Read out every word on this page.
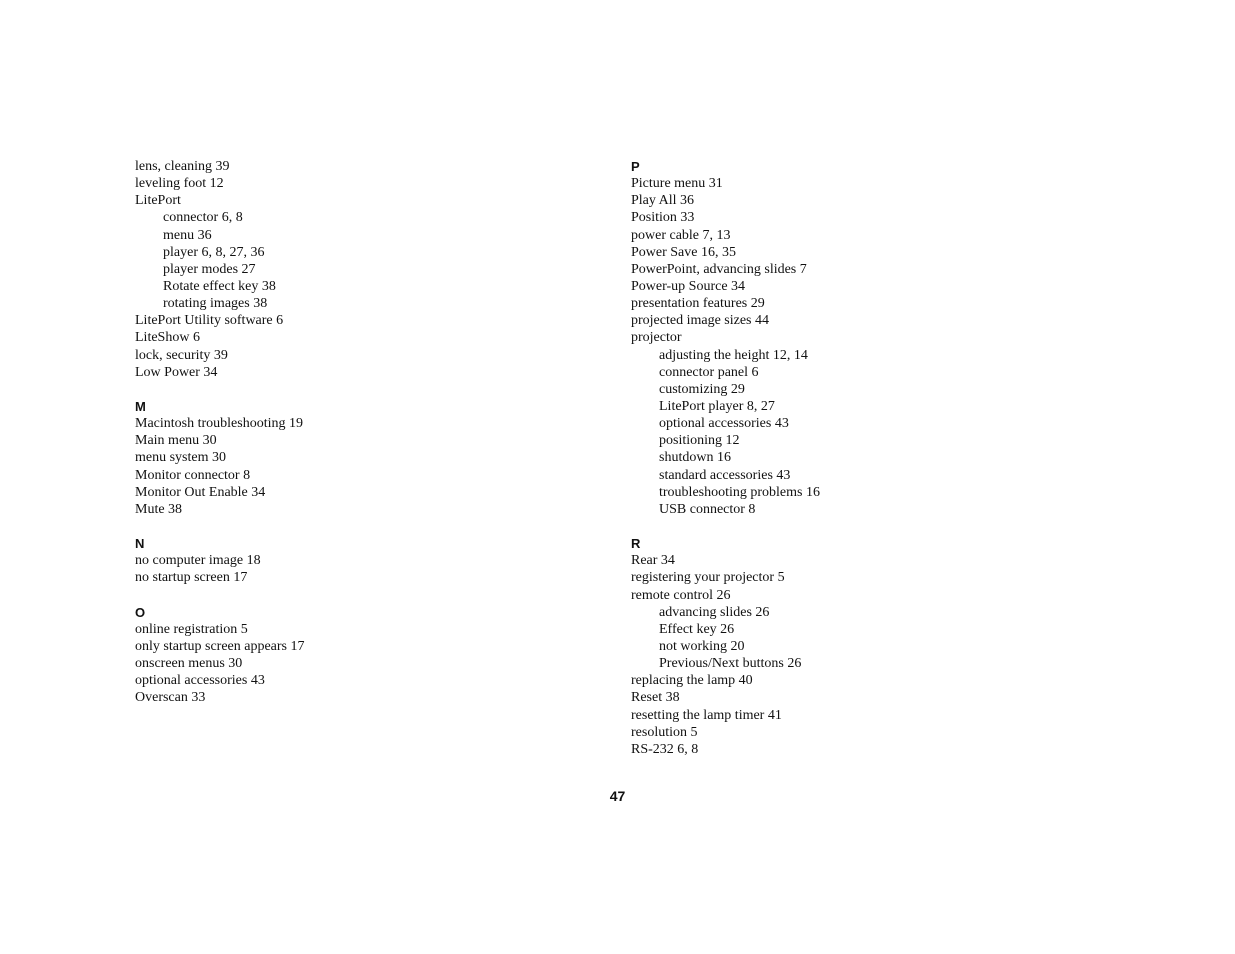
lens, cleaning 39
leveling foot 12
LitePort
connector 6, 8
menu 36
player 6, 8, 27, 36
player modes 27
Rotate effect key 38
rotating images 38
LitePort Utility software 6
LiteShow 6
lock, security 39
Low Power 34
M
Macintosh troubleshooting 19
Main menu 30
menu system 30
Monitor connector 8
Monitor Out Enable 34
Mute 38
N
no computer image 18
no startup screen 17
O
online registration 5
only startup screen appears 17
onscreen menus 30
optional accessories 43
Overscan 33
P
Picture menu 31
Play All 36
Position 33
power cable 7, 13
Power Save 16, 35
PowerPoint, advancing slides 7
Power-up Source 34
presentation features 29
projected image sizes 44
projector
adjusting the height 12, 14
connector panel 6
customizing 29
LitePort player 8, 27
optional accessories 43
positioning 12
shutdown 16
standard accessories 43
troubleshooting problems 16
USB connector 8
R
Rear 34
registering your projector 5
remote control 26
advancing slides 26
Effect key 26
not working 20
Previous/Next buttons 26
replacing the lamp 40
Reset 38
resetting the lamp timer 41
resolution 5
RS-232 6, 8
47
